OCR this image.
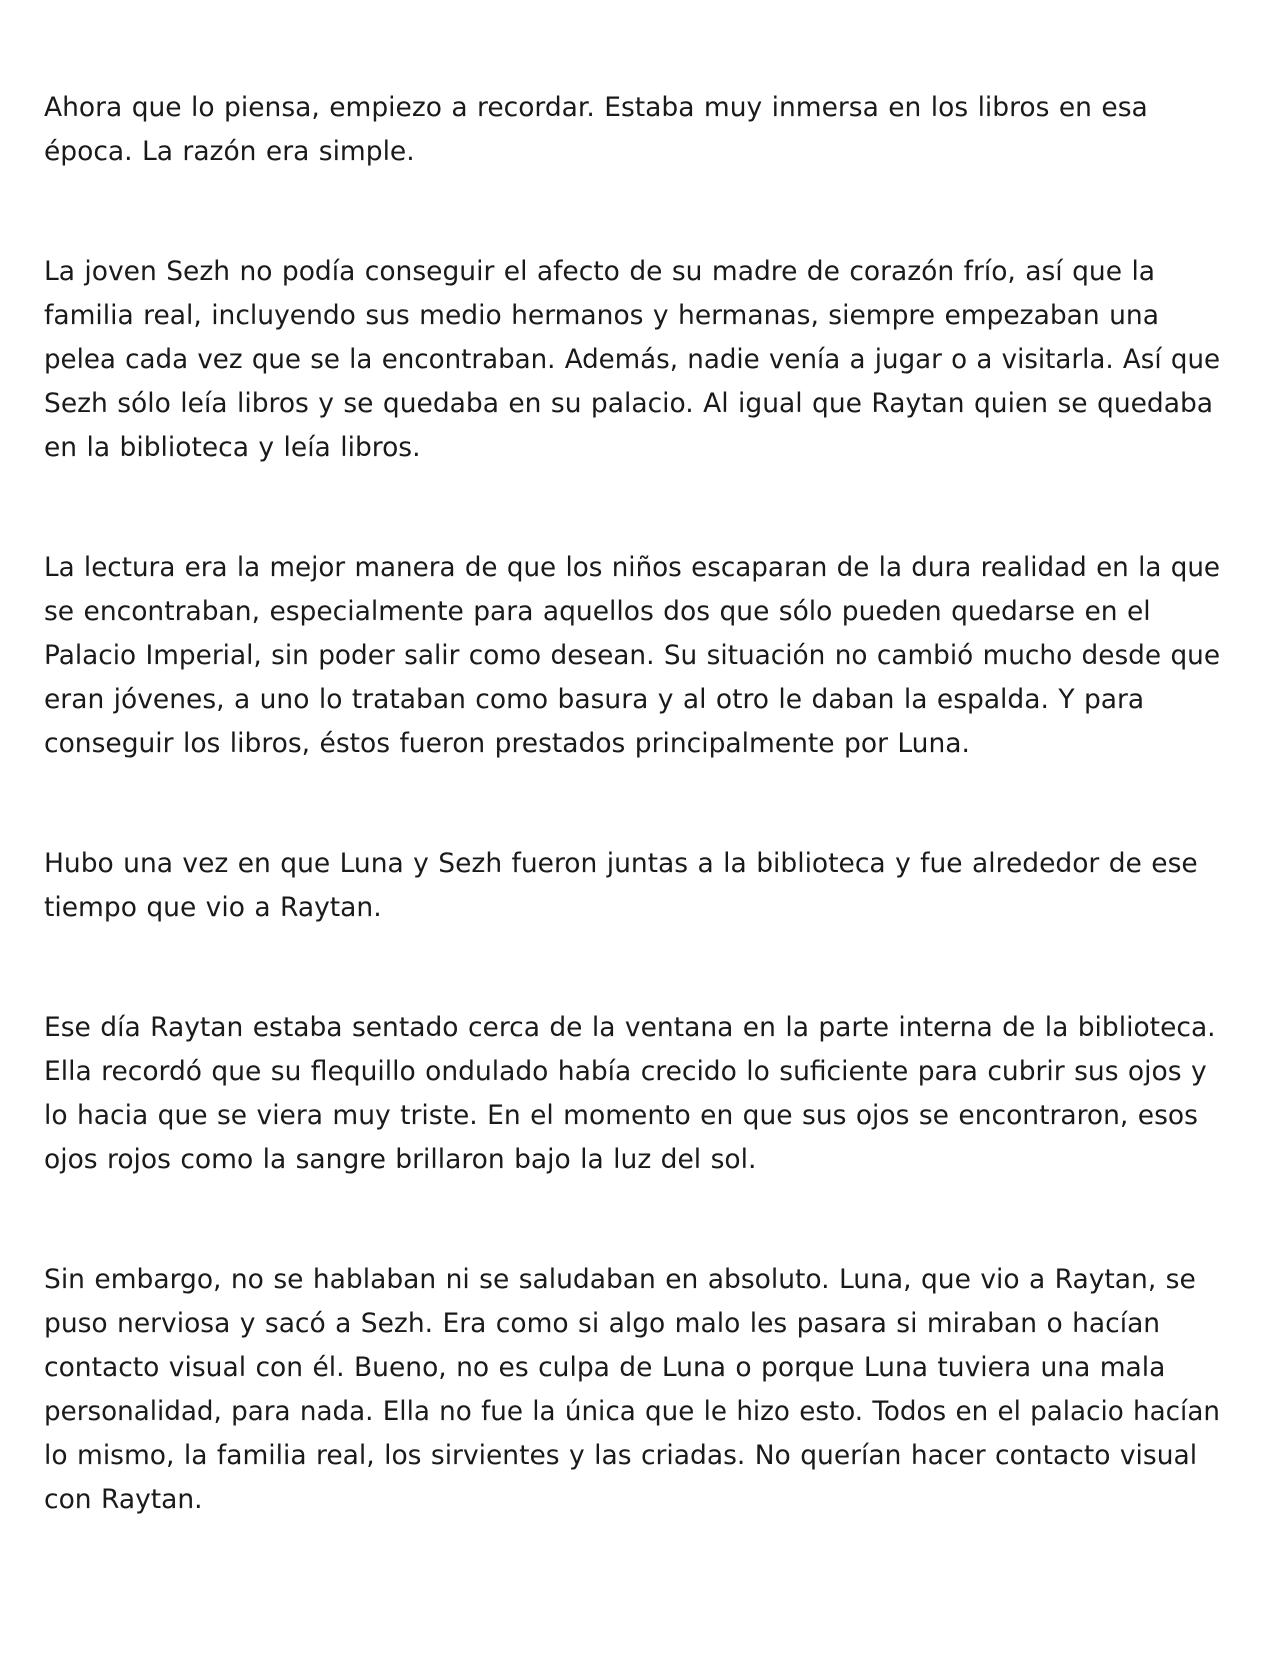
Ahora que lo piensa, empiezo a recordar. Estaba muy inmersa en los libros en esa
época. La razón era simple.

La joven Sezh no podía conseguir el afecto de su madre de corazón frío, así que la
familia real, incluyendo sus medio hermanos y hermanas, siempre empezaban una
pelea cada vez que se la encontraban. Además, nadie venía a jugar o a visitarla. Así que
Sezh sólo leía libros y se quedaba en su palacio. Al igual que Raytan quien se quedaba
en la biblioteca y leía libros.

La lectura era la mejor manera de que los niños escaparan de la dura realidad en la que
se encontraban, especialmente para aquellos dos que sólo pueden quedarse en el
Palacio Imperial, sin poder salir como desean. Su situación no cambió mucho desde que
eran jóvenes, a uno lo trataban como basura y al otro le daban la espalda. Y para
conseguir los libros, éstos fueron prestados principalmente por Luna.

Hubo una vez en que Luna y Sezh fueron juntas a la biblioteca y fue alrededor de ese
tiempo que vio a Raytan.

Ese día Raytan estaba sentado cerca de la ventana en la parte interna de la biblioteca.
Ella recordó que su flequillo ondulado había crecido lo suficiente para cubrir sus ojos y
lo hacia que se viera muy triste. En el momento en que sus ojos se encontraron, esos
ojos rojos como la sangre brillaron bajo la luz del sol.

Sin embargo, no se hablaban ni se saludaban en absoluto. Luna, que vio a Raytan, se
puso nerviosa y sacó a Sezh. Era como si algo malo les pasara si miraban o hacían
contacto visual con él. Bueno, no es culpa de Luna o porque Luna tuviera una mala
personalidad, para nada. Ella no fue la única que le hizo esto. Todos en el palacio hacían
lo mismo, la familia real, los sirvientes y las criadas. No querían hacer contacto visual
con Raytan.
